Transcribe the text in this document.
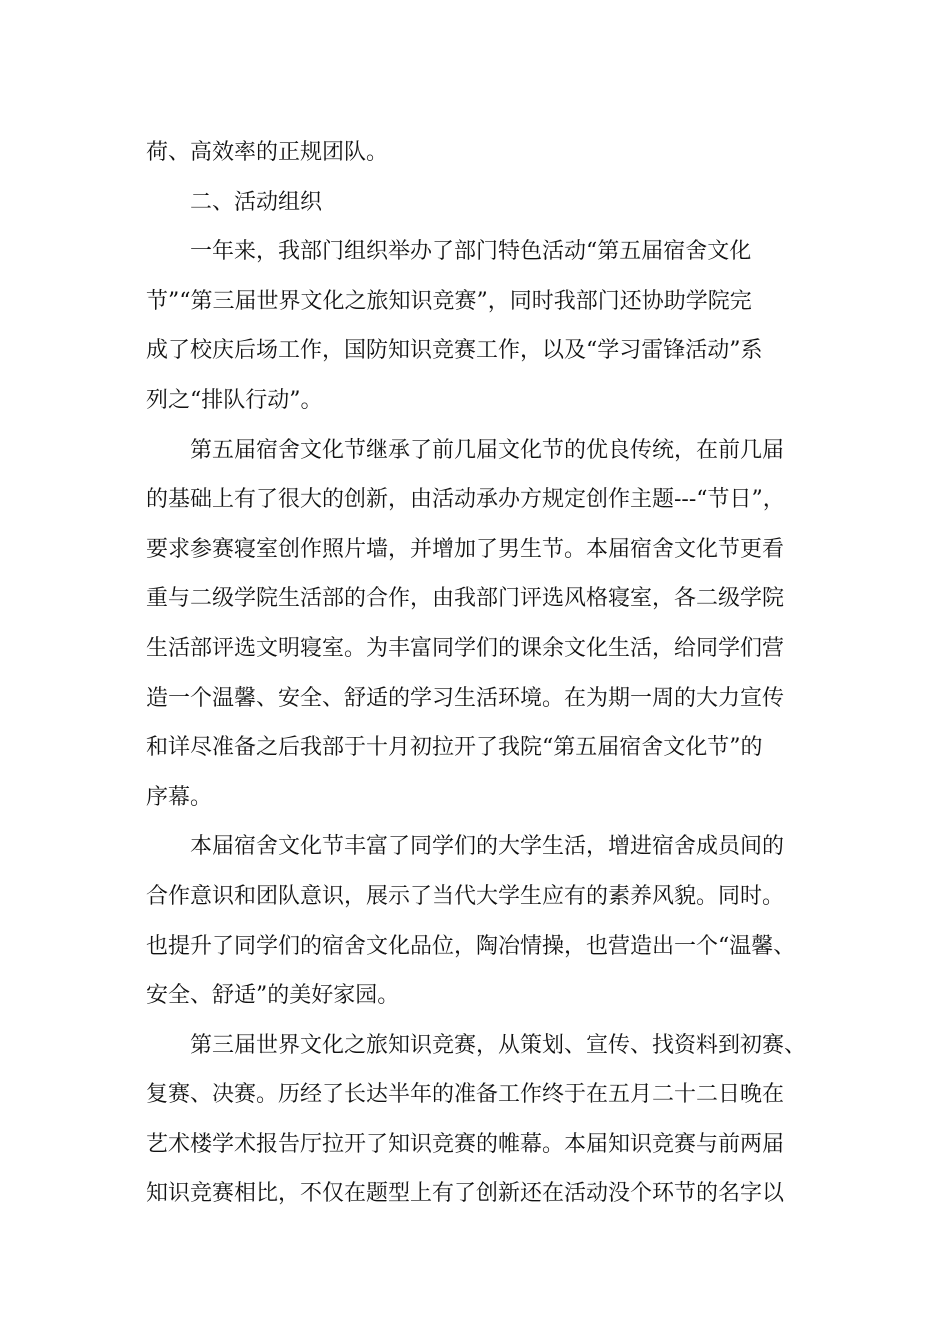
荷、高效率的正规团队。
二、活动组织
一年来，我部门组织举办了部门特色活动“第五届宿舍文化
节”“第三届世界文化之旅知识竞赛”，同时我部门还协助学院完
成了校庆后场工作，国防知识竞赛工作，以及“学习雷锋活动”系
列之“排队行动”。
第五届宿舍文化节继承了前几届文化节的优良传统，在前几届
的基础上有了很大的创新，由活动承办方规定创作主题---“节日”，
要求参赛寝室创作照片墙，并增加了男生节。本届宿舍文化节更看
重与二级学院生活部的合作，由我部门评选风格寝室，各二级学院
生活部评选文明寝室。为丰富同学们的课余文化生活，给同学们营
造一个温馨、安全、舒适的学习生活环境。在为期一周的大力宣传
和详尽准备之后我部于十月初拉开了我院“第五届宿舍文化节”的
序幕。
本届宿舍文化节丰富了同学们的大学生活，增进宿舍成员间的
合作意识和团队意识，展示了当代大学生应有的素养风貌。同时。
也提升了同学们的宿舍文化品位，陶冶情操，也营造出一个“温馨、
安全、舒适”的美好家园。
第三届世界文化之旅知识竞赛，从策划、宣传、找资料到初赛、
复赛、决赛。历经了长达半年的准备工作终于在五月二十二日晚在
艺术楼学术报告厅拉开了知识竞赛的帷幕。本届知识竞赛与前两届
知识竞赛相比，不仅在题型上有了创新还在活动没个环节的名字以
